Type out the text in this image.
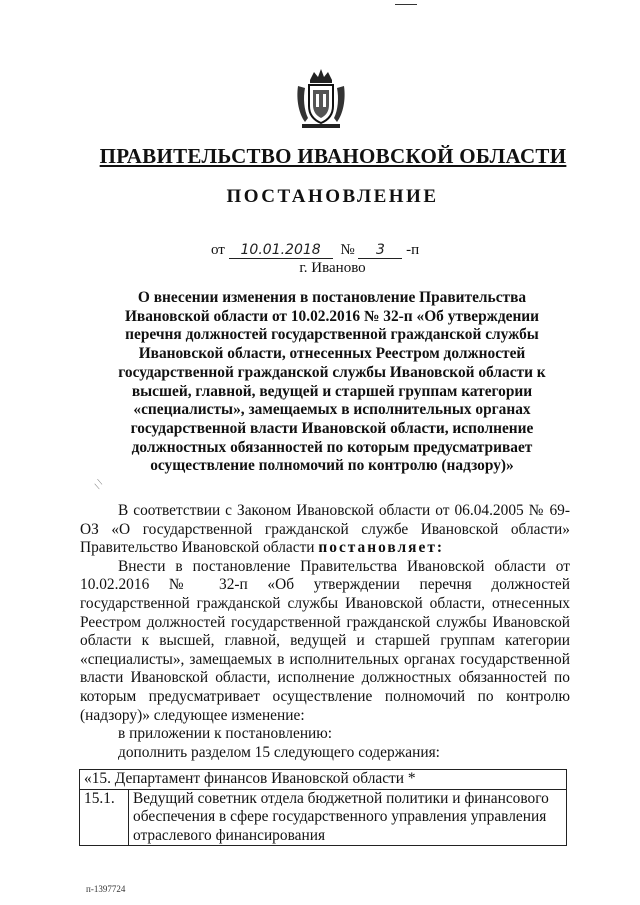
ПРАВИТЕЛЬСТВО ИВАНОВСКОЙ ОБЛАСТИ
ПОСТАНОВЛЕНИЕ
от 10.01.2018 № 3 -п
г. Иваново
О внесении изменения в постановление Правительства Ивановской области от 10.02.2016 № 32-п «Об утверждении перечня должностей государственной гражданской службы Ивановской области, отнесенных Реестром должностей государственной гражданской службы Ивановской области к высшей, главной, ведущей и старшей группам категории «специалисты», замещаемых в исполнительных органах государственной власти Ивановской области, исполнение должностных обязанностей по которым предусматривает осуществление полномочий по контролю (надзору)»
/ /

В соответствии с Законом Ивановской области от 06.04.2005 № 69-ОЗ «О государственной гражданской службе Ивановской области» Правительство Ивановской области постановляет:

Внести в постановление Правительства Ивановской области от 10.02.2016 № 32-п «Об утверждении перечня должностей государственной гражданской службы Ивановской области, отнесенных Реестром должностей государственной гражданской службы Ивановской области к высшей, главной, ведущей и старшей группам категории «специалисты», замещаемых в исполнительных органах государственной власти Ивановской области, исполнение должностных обязанностей по которым предусматривает осуществление полномочий по контролю (надзору)» следующее изменение:

в приложении к постановлению:

дополнить разделом 15 следующего содержания:

«15. Департамент финансов Ивановской области *
15.1.	Ведущий советник отдела бюджетной политики и финансового обеспечения в сфере государственного управления управления отраслевого финансирования
п-1397724
